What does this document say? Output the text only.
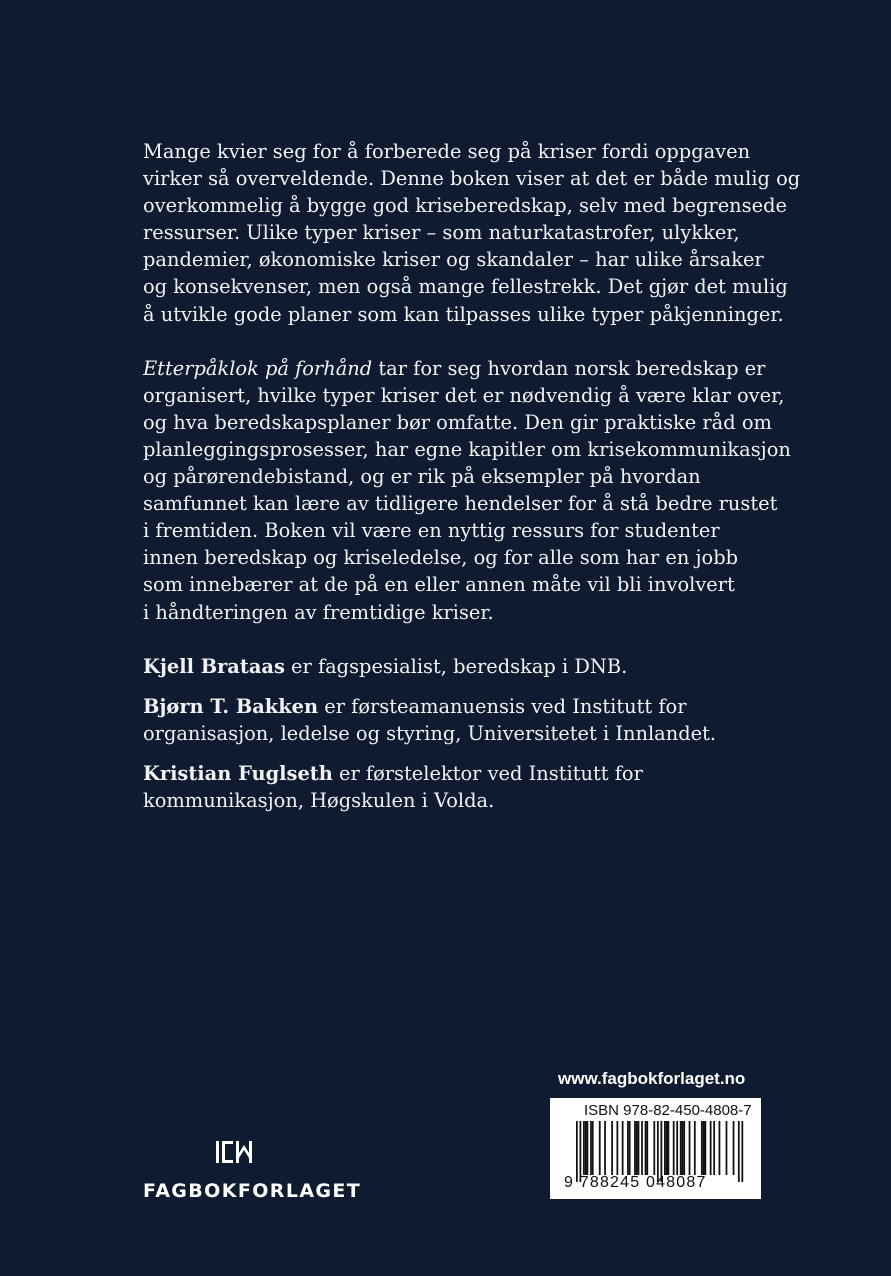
Mange kvier seg for å forberede seg på kriser fordi oppgaven
virker så overveldende. Denne boken viser at det er både mulig og
overkommelig å bygge god kriseberedskap, selv med begrensede
ressurser. Ulike typer kriser – som naturkatastrofer, ulykker,
pandemier, økonomiske kriser og skandaler – har ulike årsaker
og konsekvenser, men også mange fellestrekk. Det gjør det mulig
å utvikle gode planer som kan tilpasses ulike typer påkjenninger.
Etterpåklok på forhånd tar for seg hvordan norsk beredskap er
organisert, hvilke typer kriser det er nødvendig å være klar over,
og hva beredskapsplaner bør omfatte. Den gir praktiske råd om
planleggingsprosesser, har egne kapitler om krisekommunikasjon
og pårørendebistand, og er rik på eksempler på hvordan
samfunnet kan lære av tidligere hendelser for å stå bedre rustet
i fremtiden. Boken vil være en nyttig ressurs for studenter
innen beredskap og kriseledelse, og for alle som har en jobb
som innebærer at de på en eller annen måte vil bli involvert
i håndteringen av fremtidige kriser.
Kjell Brataas er fagspesialist, beredskap i DNB.
Bjørn T. Bakken er førsteamanuensis ved Institutt for
organisasjon, ledelse og styring, Universitetet i Innlandet.
Kristian Fuglseth er førstelektor ved Institutt for
kommunikasjon, Høgskulen i Volda.
www.fagbokforlaget.no
ISBN 978-82-450-4808-7
9 788245 048087
FAGBOKFORLAGET
